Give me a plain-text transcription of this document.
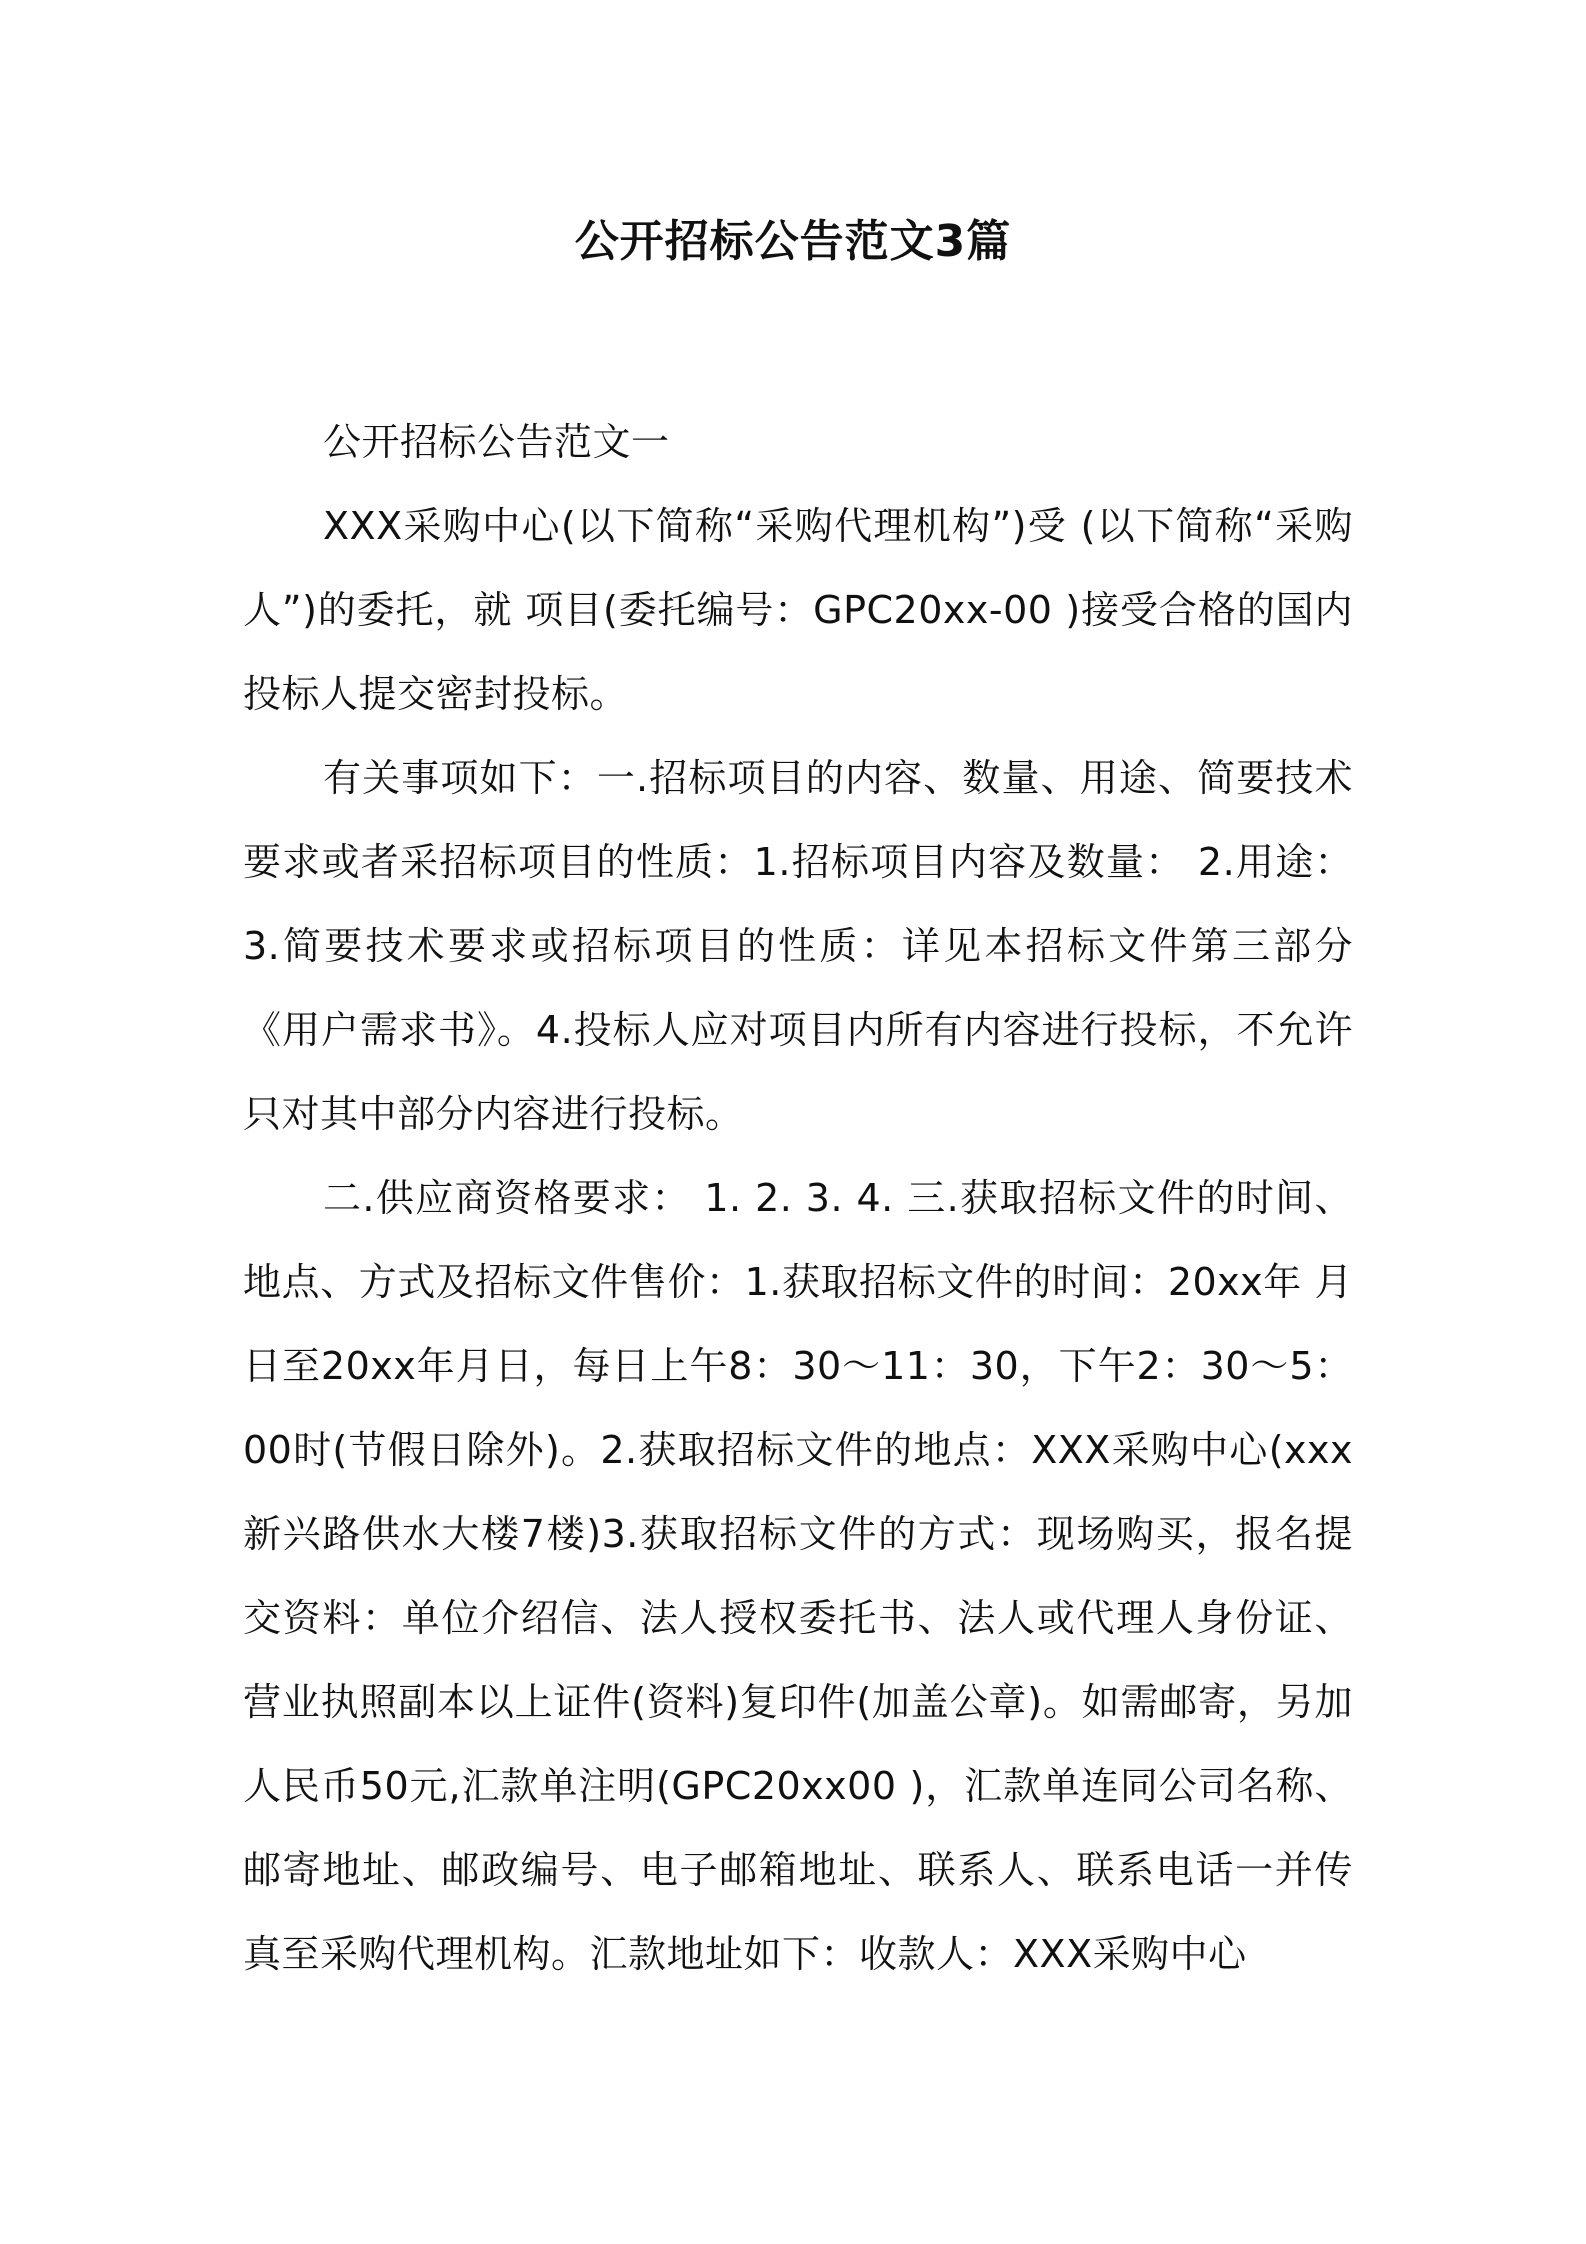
公开招标公告范文3篇

公开招标公告范文一

XXX采购中心(以下简称“采购代理机构”)受 (以下简称“采购人”)的委托，就 项目(委托编号：GPC20xx-00 )接受合格的国内投标人提交密封投标。

有关事项如下：一.招标项目的内容、数量、用途、简要技术要求或者采招标项目的性质：1.招标项目内容及数量： 2.用途： 3.简要技术要求或招标项目的性质：详见本招标文件第三部分《用户需求书》。4.投标人应对项目内所有内容进行投标，不允许只对其中部分内容进行投标。

二.供应商资格要求： 1. 2. 3. 4. 三.获取招标文件的时间、地点、方式及招标文件售价：1.获取招标文件的时间：20xx年 月日至20xx年月日，每日上午8：30～11：30，下午2：30～5：00时(节假日除外)。2.获取招标文件的地点：XXX采购中心(xxx新兴路供水大楼7楼)3.获取招标文件的方式：现场购买，报名提交资料：单位介绍信、法人授权委托书、法人或代理人身份证、营业执照副本以上证件(资料)复印件(加盖公章)。如需邮寄，另加人民币50元,汇款单注明(GPC20xx00 )，汇款单连同公司名称、邮寄地址、邮政编号、电子邮箱地址、联系人、联系电话一并传真至采购代理机构。汇款地址如下：收款人：XXX采购中心
